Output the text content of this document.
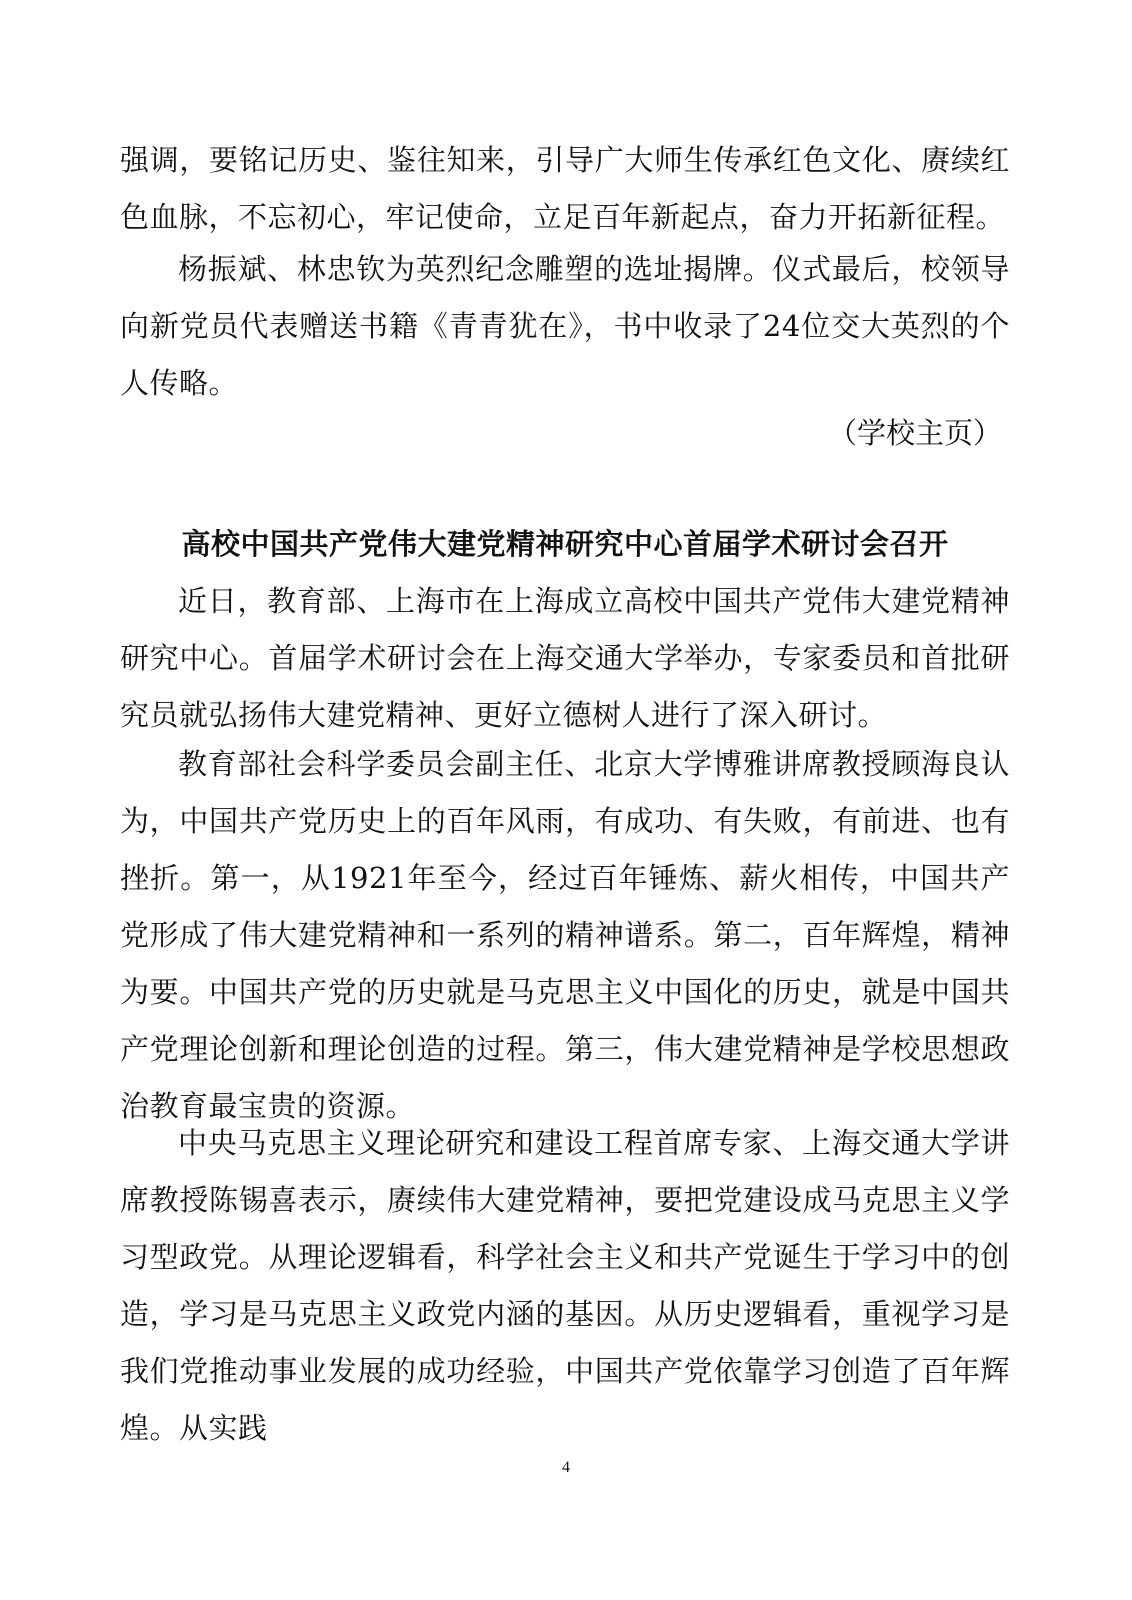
强调，要铭记历史、鉴往知来，引导广大师生传承红色文化、赓续红色血脉，不忘初心，牢记使命，立足百年新起点，奋力开拓新征程。

杨振斌、林忠钦为英烈纪念雕塑的选址揭牌。仪式最后，校领导向新党员代表赠送书籍《青青犹在》，书中收录了24位交大英烈的个人传略。

（学校主页）

高校中国共产党伟大建党精神研究中心首届学术研讨会召开

近日，教育部、上海市在上海成立高校中国共产党伟大建党精神研究中心。首届学术研讨会在上海交通大学举办，专家委员和首批研究员就弘扬伟大建党精神、更好立德树人进行了深入研讨。

教育部社会科学委员会副主任、北京大学博雅讲席教授顾海良认为，中国共产党历史上的百年风雨，有成功、有失败，有前进、也有挫折。第一，从1921年至今，经过百年锤炼、薪火相传，中国共产党形成了伟大建党精神和一系列的精神谱系。第二，百年辉煌，精神为要。中国共产党的历史就是马克思主义中国化的历史，就是中国共产党理论创新和理论创造的过程。第三，伟大建党精神是学校思想政治教育最宝贵的资源。

中央马克思主义理论研究和建设工程首席专家、上海交通大学讲席教授陈锡喜表示，赓续伟大建党精神，要把党建设成马克思主义学习型政党。从理论逻辑看，科学社会主义和共产党诞生于学习中的创造，学习是马克思主义政党内涵的基因。从历史逻辑看，重视学习是我们党推动事业发展的成功经验，中国共产党依靠学习创造了百年辉煌。从实践

4
